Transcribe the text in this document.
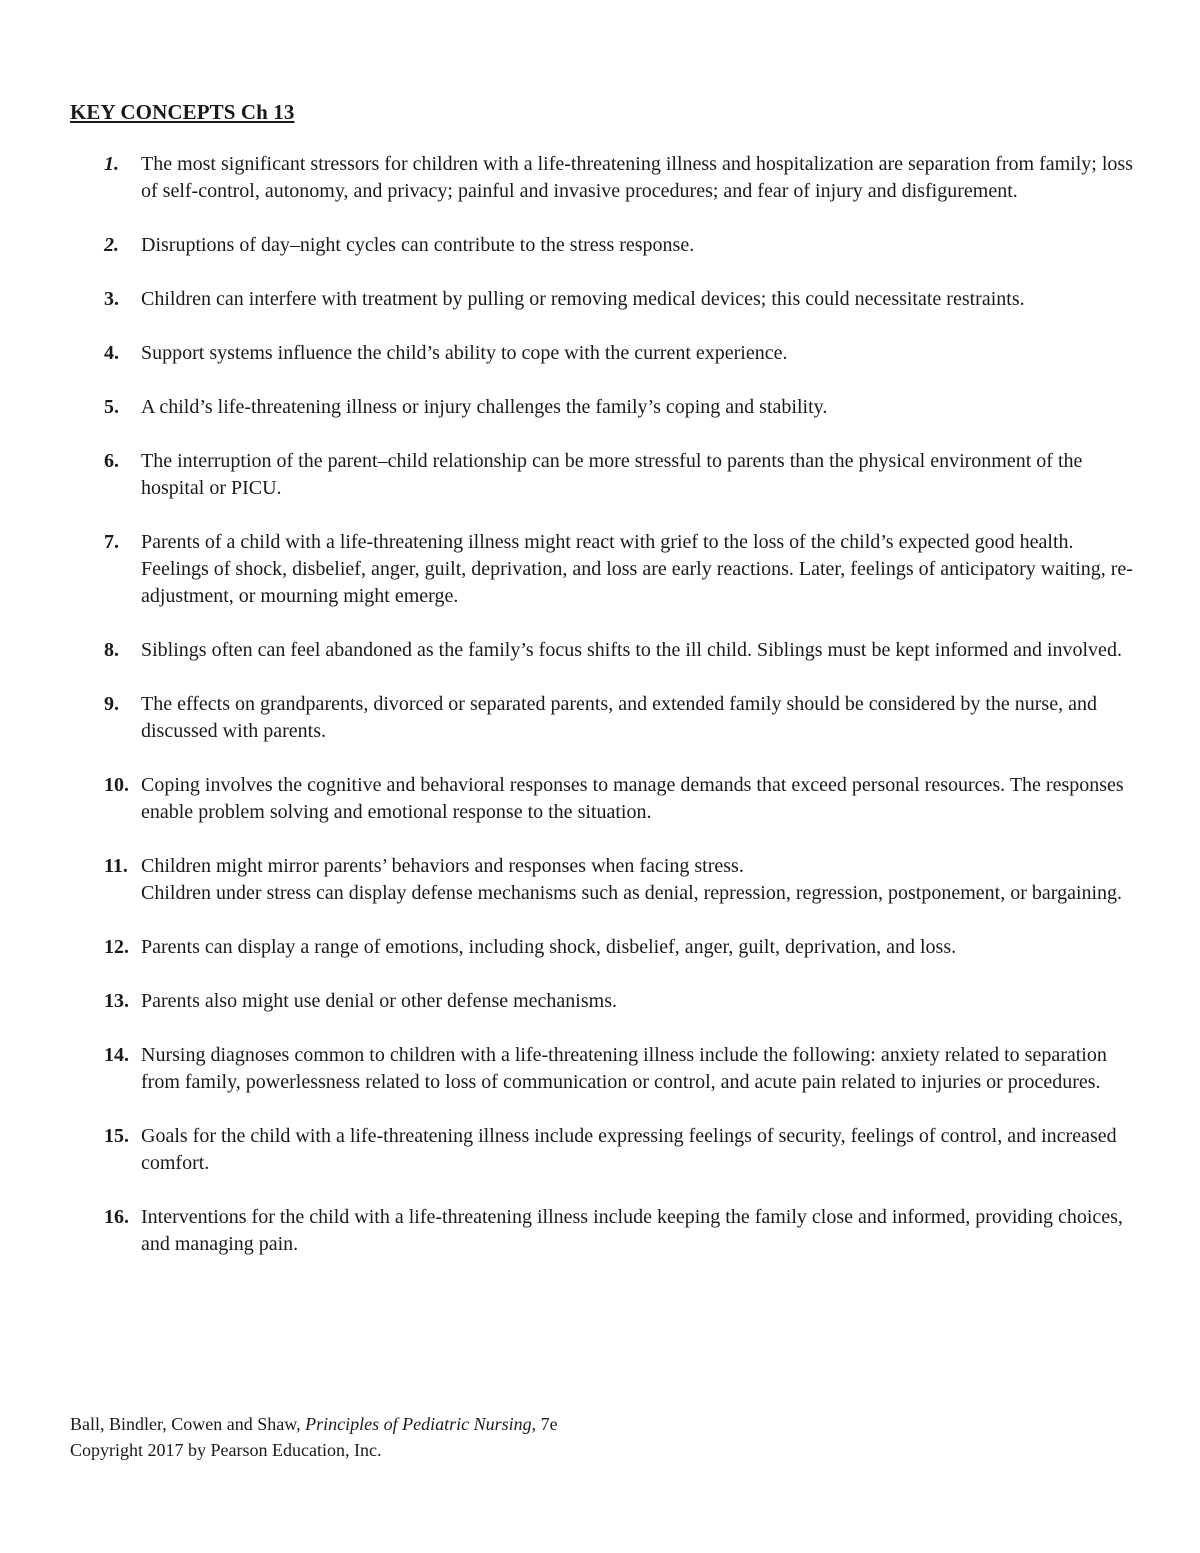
KEY CONCEPTS Ch 13
1. The most significant stressors for children with a life-threatening illness and hospitalization are separation from family; loss of self-control, autonomy, and privacy; painful and invasive procedures; and fear of injury and disfigurement.
2. Disruptions of day–night cycles can contribute to the stress response.
3. Children can interfere with treatment by pulling or removing medical devices; this could necessitate restraints.
4. Support systems influence the child’s ability to cope with the current experience.
5. A child’s life-threatening illness or injury challenges the family’s coping and stability.
6. The interruption of the parent–child relationship can be more stressful to parents than the physical environment of the hospital or PICU.
7. Parents of a child with a life-threatening illness might react with grief to the loss of the child’s expected good health. Feelings of shock, disbelief, anger, guilt, deprivation, and loss are early reactions. Later, feelings of anticipatory waiting, re-adjustment, or mourning might emerge.
8. Siblings often can feel abandoned as the family’s focus shifts to the ill child. Siblings must be kept informed and involved.
9. The effects on grandparents, divorced or separated parents, and extended family should be considered by the nurse, and discussed with parents.
10. Coping involves the cognitive and behavioral responses to manage demands that exceed personal resources. The responses enable problem solving and emotional response to the situation.
11. Children might mirror parents’ behaviors and responses when facing stress.
Children under stress can display defense mechanisms such as denial, repression, regression, postponement, or bargaining.
12. Parents can display a range of emotions, including shock, disbelief, anger, guilt, deprivation, and loss.
13. Parents also might use denial or other defense mechanisms.
14. Nursing diagnoses common to children with a life-threatening illness include the following: anxiety related to separation from family, powerlessness related to loss of communication or control, and acute pain related to injuries or procedures.
15. Goals for the child with a life-threatening illness include expressing feelings of security, feelings of control, and increased comfort.
16. Interventions for the child with a life-threatening illness include keeping the family close and informed, providing choices, and managing pain.
Ball, Bindler, Cowen and Shaw, Principles of Pediatric Nursing, 7e
Copyright 2017 by Pearson Education, Inc.
